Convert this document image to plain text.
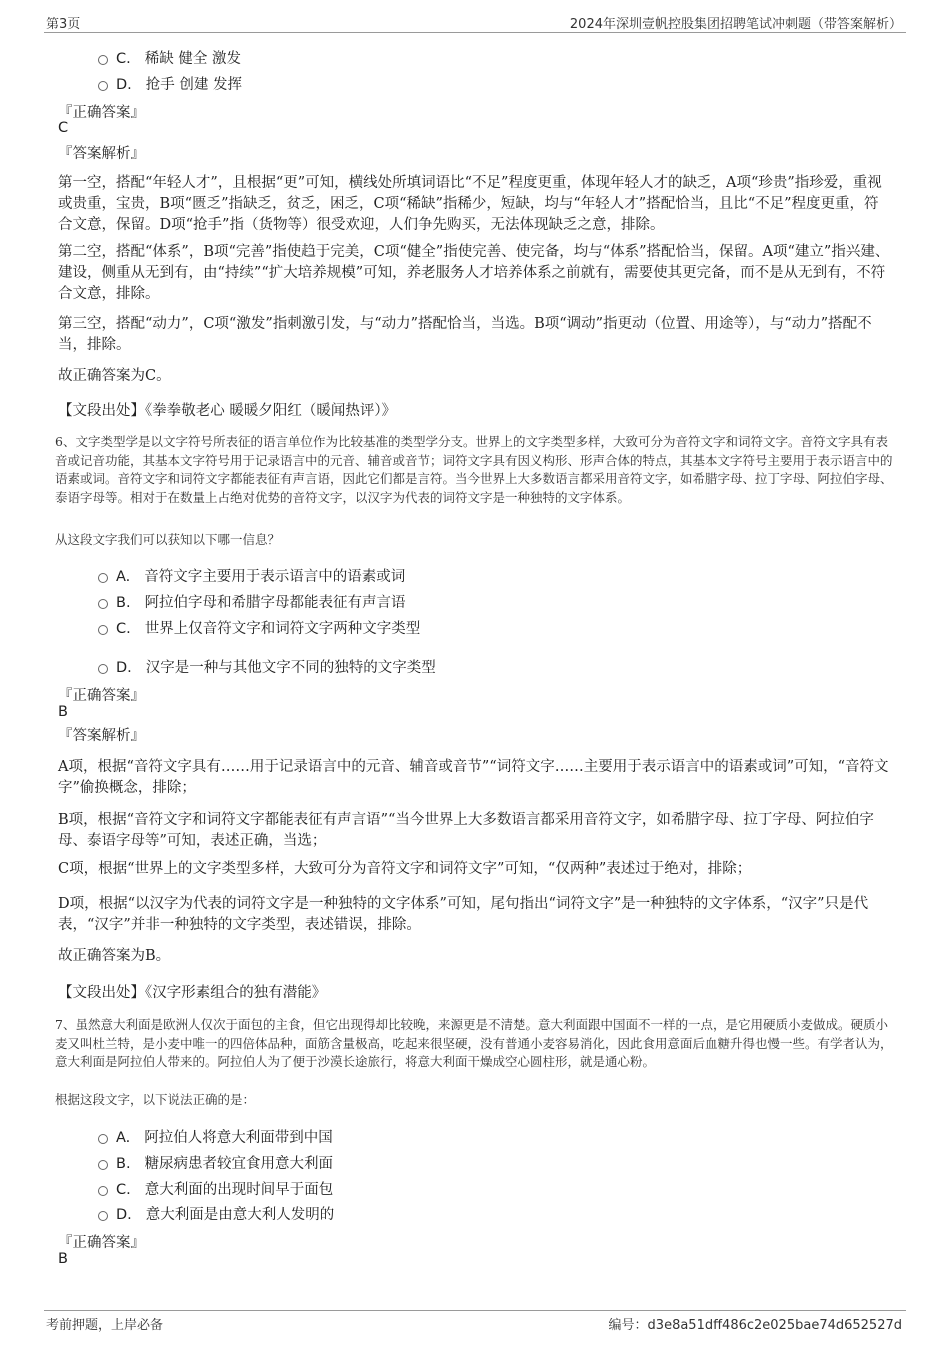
第3页	2024年深圳壹帆控股集团招聘笔试冲刺题（带答案解析）
C. 稀缺 健全 激发
D. 抢手 创建 发挥
『正确答案』
C
『答案解析』
第一空，搭配“年轻人才”，且根据“更”可知，横线处所填词语比“不足”程度更重，体现年轻人才的缺乏，A项“珍贵”指珍爱，重视或贵重，宝贵，B项“匮乏”指缺乏，贫乏，困乏，C项“稀缺”指稀少，短缺，均与“年轻人才”搭配恰当，且比“不足”程度更重，符合文意，保留。D项“抢手”指（货物等）很受欢迎，人们争先购买，无法体现缺乏之意，排除。
第二空，搭配“体系”，B项“完善”指使趋于完美，C项“健全”指使完善、使完备，均与“体系”搭配恰当，保留。A项“建立”指兴建、建设，侧重从无到有，由“持续”“扩大培养规模”可知，养老服务人才培养体系之前就有，需要使其更完备，而不是从无到有，不符合文意，排除。
第三空，搭配“动力”，C项“激发”指刺激引发，与“动力”搭配恰当，当选。B项“调动”指更动（位置、用途等），与“动力”搭配不当，排除。
故正确答案为C。
【文段出处】《拳拳敬老心 暖暖夕阳红（暖闻热评）》
6、文字类型学是以文字符号所表征的语言单位作为比较基准的类型学分支。世界上的文字类型多样，大致可分为音符文字和词符文字。音符文字具有表音或记音功能，其基本文字符号用于记录语言中的元音、辅音或音节；词符文字具有因义构形、形声合体的特点，其基本文字符号主要用于表示语言中的语素或词。音符文字和词符文字都能表征有声言语，因此它们都是言符。当今世界上大多数语言都采用音符文字，如希腊字母、拉丁字母、阿拉伯字母、泰语字母等。相对于在数量上占绝对优势的音符文字，以汉字为代表的词符文字是一种独特的文字体系。
从这段文字我们可以获知以下哪一信息？
A. 音符文字主要用于表示语言中的语素或词
B. 阿拉伯字母和希腊字母都能表征有声言语
C. 世界上仅音符文字和词符文字两种文字类型
D. 汉字是一种与其他文字不同的独特的文字类型
『正确答案』
B
『答案解析』
A项，根据“音符文字具有……用于记录语言中的元音、辅音或音节”“词符文字……主要用于表示语言中的语素或词”可知，“音符文字”偷换概念，排除；
B项，根据“音符文字和词符文字都能表征有声言语”“当今世界上大多数语言都采用音符文字，如希腊字母、拉丁字母、阿拉伯字母、泰语字母等”可知，表述正确，当选；
C项，根据“世界上的文字类型多样，大致可分为音符文字和词符文字”可知，“仅两种”表述过于绝对，排除；
D项，根据“以汉字为代表的词符文字是一种独特的文字体系”可知，尾句指出“词符文字”是一种独特的文字体系，“汉字”只是代表，“汉字”并非一种独特的文字类型，表述错误，排除。
故正确答案为B。
【文段出处】《汉字形素组合的独有潜能》
7、虽然意大利面是欧洲人仅次于面包的主食，但它出现得却比较晚，来源更是不清楚。意大利面跟中国面不一样的一点，是它用硬质小麦做成。硬质小麦又叫杜兰特，是小麦中唯一的四倍体品种，面筋含量极高，吃起来很坚硬，没有普通小麦容易消化，因此食用意面后血糖升得也慢一些。有学者认为，意大利面是阿拉伯人带来的。阿拉伯人为了便于沙漠长途旅行，将意大利面干燥成空心圆柱形，就是通心粉。
根据这段文字，以下说法正确的是：
A. 阿拉伯人将意大利面带到中国
B. 糖尿病患者较宜食用意大利面
C. 意大利面的出现时间早于面包
D. 意大利面是由意大利人发明的
『正确答案』
B
考前押题，上岸必备	编号：d3e8a51dff486c2e025bae74d652527d
